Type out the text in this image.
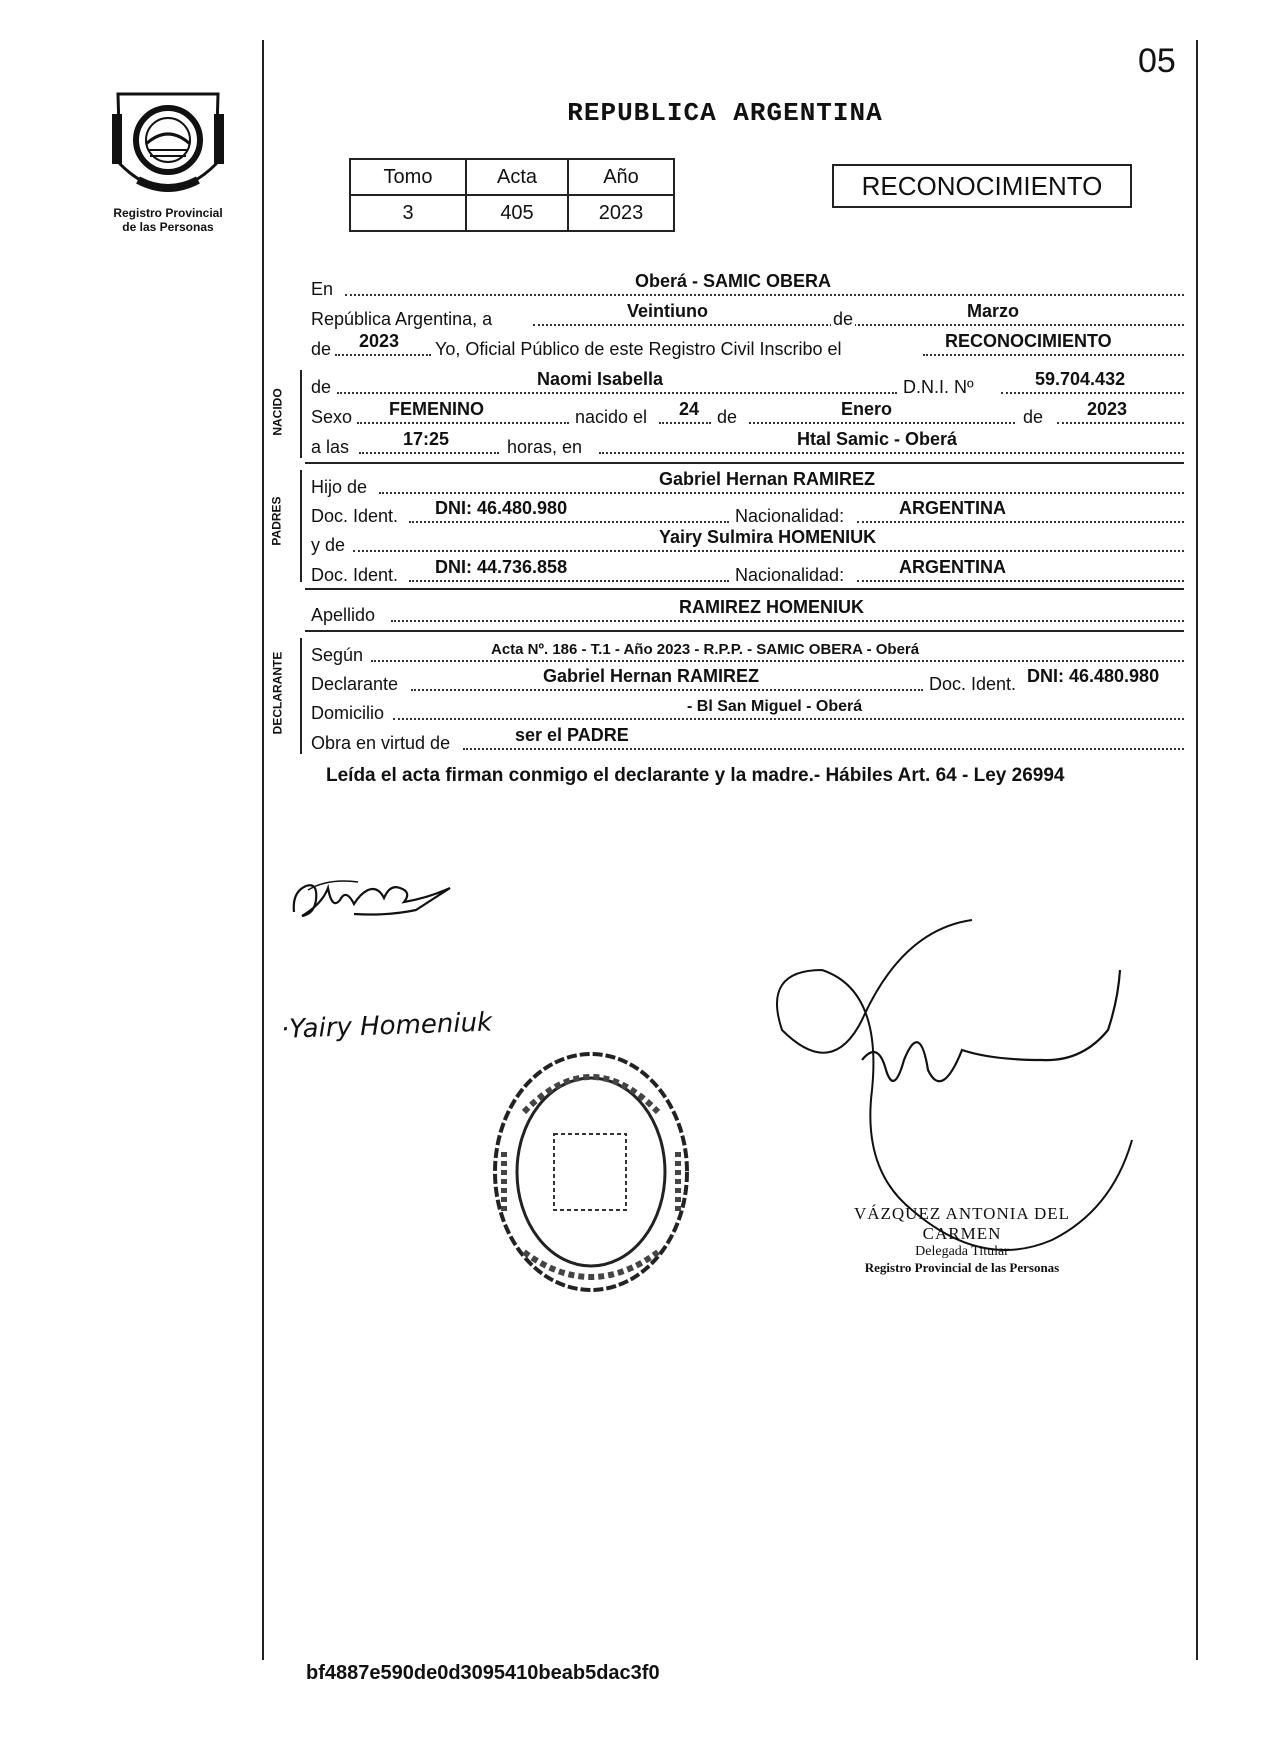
05
Registro Provincial
de las Personas
REPUBLICA ARGENTINA
Tomo	Acta	Año
3	405	2023
RECONOCIMIENTO
En	Oberá - SAMIC OBERA
República Argentina, a	Veintiuno	de	Marzo
de 2023 Yo, Oficial Público de este Registro Civil Inscribo el	RECONOCIMIENTO
NACIDO
de	Naomi Isabella	D.N.I. Nº	59.704.432
Sexo FEMENINO	nacido el 24 de	Enero	de 2023
a las	17:25	horas, en	Htal Samic - Oberá
PADRES
Hijo de	Gabriel Hernan RAMIREZ
Doc. Ident. DNI: 46.480.980	Nacionalidad:	ARGENTINA
y de	Yairy Sulmira HOMENIUK
Doc. Ident. DNI: 44.736.858	Nacionalidad:	ARGENTINA
Apellido	RAMIREZ HOMENIUK
DECLARANTE Según	Acta Nº. 186 - T.1 - Año 2023 - R.P.P. - SAMIC OBERA - Oberá
Declarante	Gabriel Hernan RAMIREZ	Doc. Ident. DNI: 46.480.980
Domicilio	- Bl San Miguel - Oberá
Obra en virtud de	ser el PADRE
Leída el acta firman conmigo el declarante y la madre.- Hábiles Art. 64 - Ley 26994
·Yairy Homeniuk
VÁZQUEZ ANTONIA DEL CARMEN
Delegada Titular
Registro Provincial de las Personas
bf4887e590de0d3095410beab5dac3f0
